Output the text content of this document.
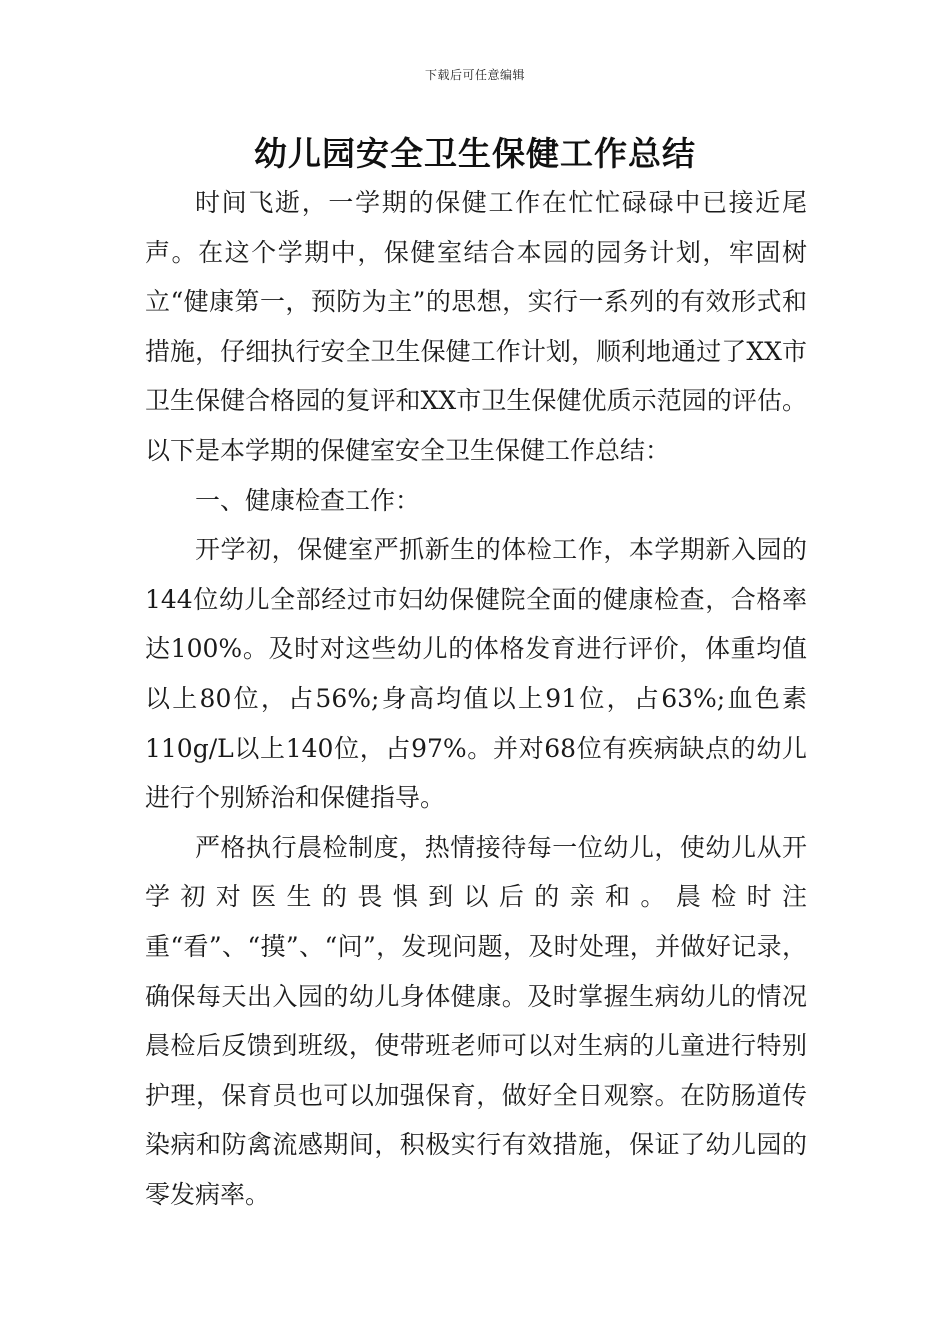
下载后可任意编辑
幼儿园安全卫生保健工作总结

时间飞逝，一学期的保健工作在忙忙碌碌中已接近尾声。在这个学期中，保健室结合本园的园务计划，牢固树立“健康第一，预防为主”的思想，实行一系列的有效形式和措施，仔细执行安全卫生保健工作计划，顺利地通过了XX市卫生保健合格园的复评和XX市卫生保健优质示范园的评估。以下是本学期的保健室安全卫生保健工作总结：

一、健康检查工作：

开学初，保健室严抓新生的体检工作，本学期新入园的144位幼儿全部经过市妇幼保健院全面的健康检查，合格率达100%。及时对这些幼儿的体格发育进行评价，体重均值以上80位，占56%;身高均值以上91位，占63%;血色素110g/L以上140位，占97%。并对68位有疾病缺点的幼儿进行个别矫治和保健指导。

严格执行晨检制度，热情接待每一位幼儿，使幼儿从开学初对医生的畏惧到以后的亲和。晨检时注重“看”、“摸”、“问”，发现问题，及时处理，并做好记录，确保每天出入园的幼儿身体健康。及时掌握生病幼儿的情况晨检后反馈到班级，使带班老师可以对生病的儿童进行特别护理，保育员也可以加强保育，做好全日观察。在防肠道传染病和防禽流感期间，积极实行有效措施，保证了幼儿园的零发病率。
